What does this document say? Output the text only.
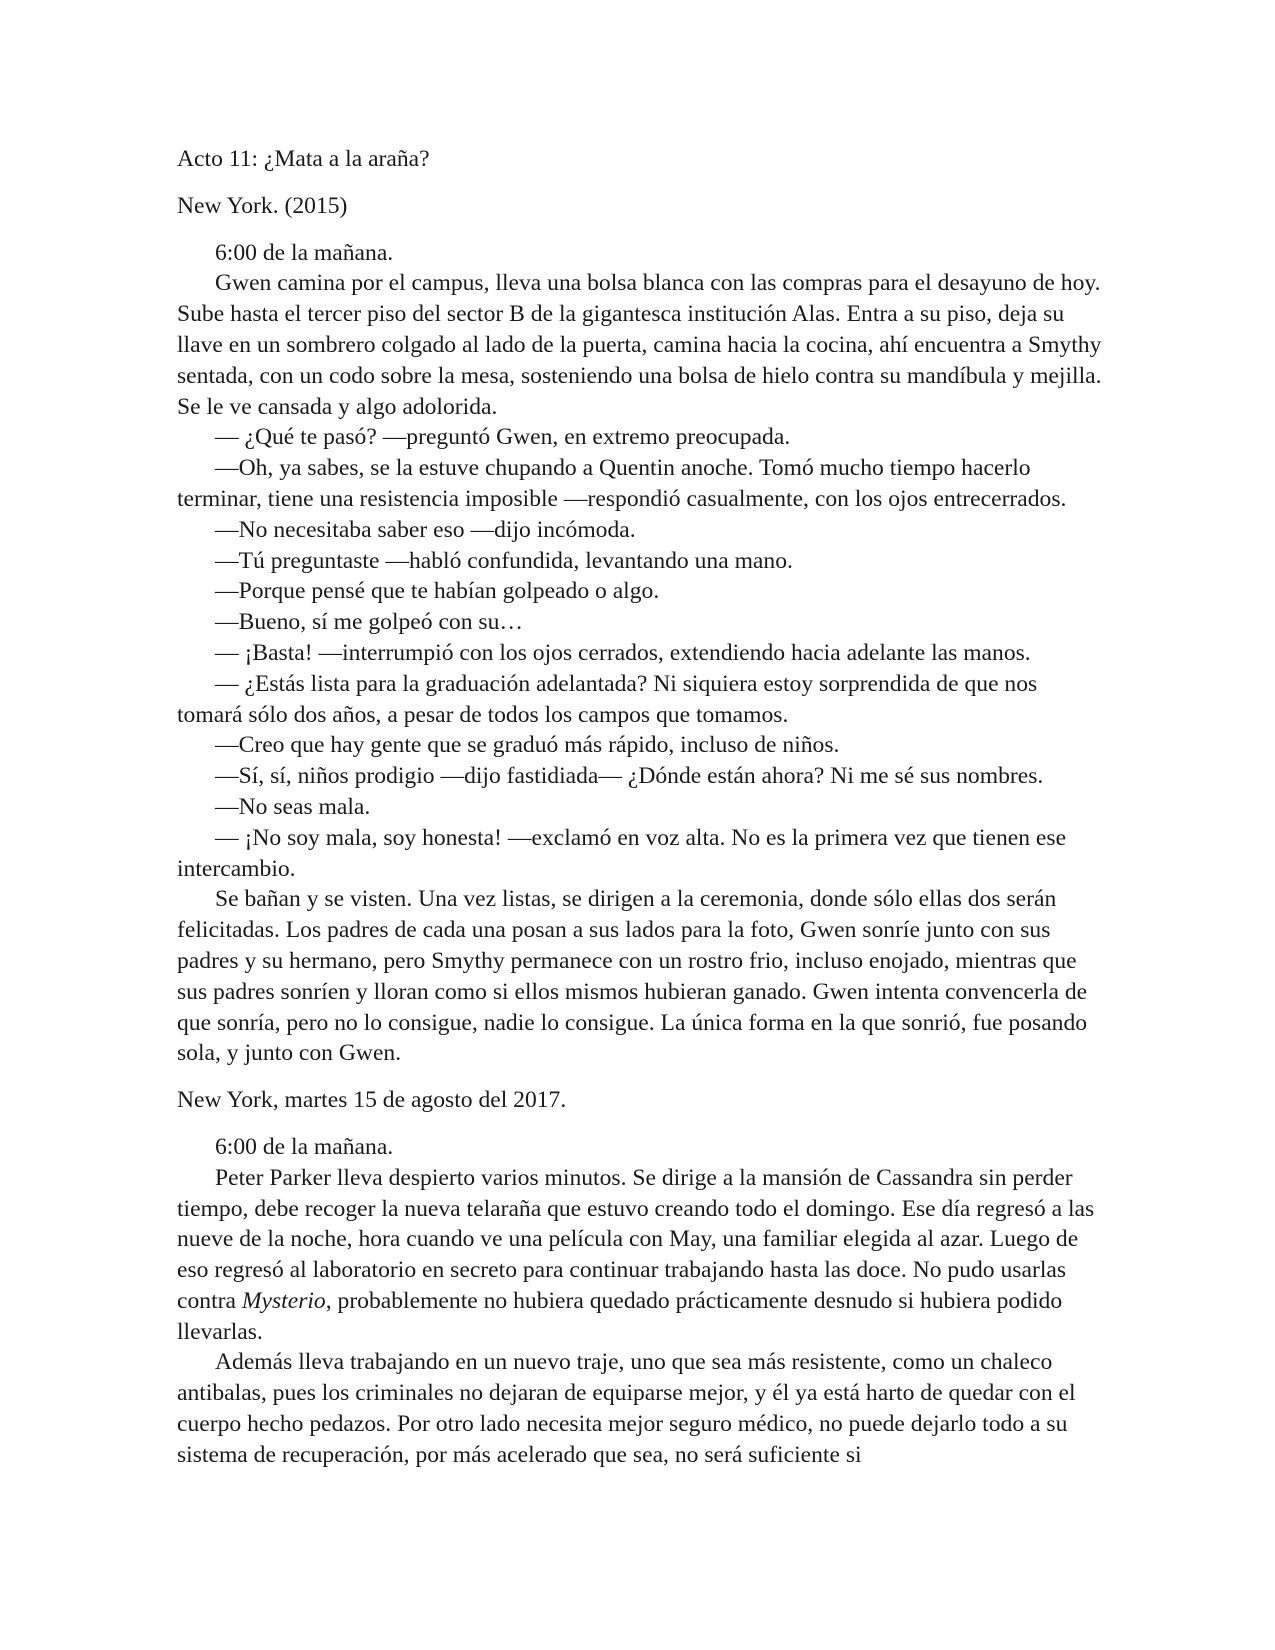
Acto 11: ¿Mata a la araña?

New York. (2015)

6:00 de la mañana.

Gwen camina por el campus, lleva una bolsa blanca con las compras para el desayuno de hoy. Sube hasta el tercer piso del sector B de la gigantesca institución Alas. Entra a su piso, deja su llave en un sombrero colgado al lado de la puerta, camina hacia la cocina, ahí encuentra a Smythy sentada, con un codo sobre la mesa, sosteniendo una bolsa de hielo contra su mandíbula y mejilla. Se le ve cansada y algo adolorida.

— ¿Qué te pasó? —preguntó Gwen, en extremo preocupada.

—Oh, ya sabes, se la estuve chupando a Quentin anoche. Tomó mucho tiempo hacerlo terminar, tiene una resistencia imposible —respondió casualmente, con los ojos entrecerrados.

—No necesitaba saber eso —dijo incómoda.

—Tú preguntaste —habló confundida, levantando una mano.

—Porque pensé que te habían golpeado o algo.

—Bueno, sí me golpeó con su…

— ¡Basta! —interrumpió con los ojos cerrados, extendiendo hacia adelante las manos.

— ¿Estás lista para la graduación adelantada? Ni siquiera estoy sorprendida de que nos tomará sólo dos años, a pesar de todos los campos que tomamos.

—Creo que hay gente que se graduó más rápido, incluso de niños.

—Sí, sí, niños prodigio —dijo fastidiada— ¿Dónde están ahora? Ni me sé sus nombres.

—No seas mala.

— ¡No soy mala, soy honesta! —exclamó en voz alta. No es la primera vez que tienen ese intercambio.

Se bañan y se visten. Una vez listas, se dirigen a la ceremonia, donde sólo ellas dos serán felicitadas. Los padres de cada una posan a sus lados para la foto, Gwen sonríe junto con sus padres y su hermano, pero Smythy permanece con un rostro frio, incluso enojado, mientras que sus padres sonríen y lloran como si ellos mismos hubieran ganado. Gwen intenta convencerla de que sonría, pero no lo consigue, nadie lo consigue. La única forma en la que sonrió, fue posando sola, y junto con Gwen.

New York, martes 15 de agosto del 2017.

6:00 de la mañana.

Peter Parker lleva despierto varios minutos. Se dirige a la mansión de Cassandra sin perder tiempo, debe recoger la nueva telaraña que estuvo creando todo el domingo. Ese día regresó a las nueve de la noche, hora cuando ve una película con May, una familiar elegida al azar. Luego de eso regresó al laboratorio en secreto para continuar trabajando hasta las doce. No pudo usarlas contra Mysterio, probablemente no hubiera quedado prácticamente desnudo si hubiera podido llevarlas.

Además lleva trabajando en un nuevo traje, uno que sea más resistente, como un chaleco antibalas, pues los criminales no dejaran de equiparse mejor, y él ya está harto de quedar con el cuerpo hecho pedazos. Por otro lado necesita mejor seguro médico, no puede dejarlo todo a su sistema de recuperación, por más acelerado que sea, no será suficiente si
